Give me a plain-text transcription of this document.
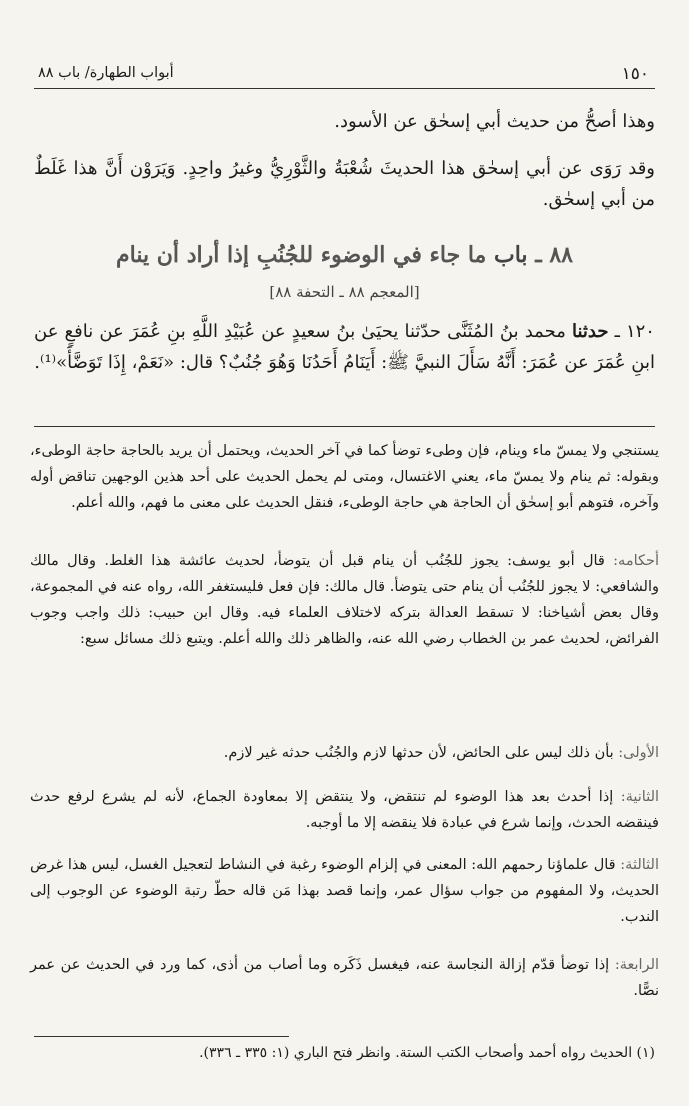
١٥٠
أبواب الطهارة/ باب ٨٨

وهذا أصحُّ من حديث أبي إسحٰق عن الأسود.

وقد رَوَى عن أبي إسحٰق هذا الحديثَ شُعْبَةُ والثَّوْرِيُّ وغيرُ واحِدٍ. وَيَرَوْن أَنَّ هذا غَلَطٌ من أبي إسحٰق.

٨٨ ـ باب ما جاء في الوضوء للجُنُبِ إذا أراد أن ينام

[المعجم ٨٨ ـ التحفة ٨٨]

١٢٠ ـ حدثنا محمد بنُ المُثَنَّى حدّثنا يحيَىٰ بنُ سعيدٍ عن عُبَيْدِ اللَّهِ بنِ عُمَرَ عن نافعٍ عن ابنِ عُمَرَ عن عُمَرَ: أَنَّهُ سَأَلَ النبيَّ ﷺ: أَيَنَامُ أَحَدُنَا وَهُوَ جُنُبٌ؟ قال: «نَعَمْ، إِذَا تَوَضَّأَ»⁽¹⁾.

يستنجي ولا يمسّ ماء وينام، فإن وطىء توضأ كما في آخر الحديث، ويحتمل أن يريد بالحاجة حاجة الوطىء، وبقوله: ثم ينام ولا يمسّ ماء، يعني الاغتسال، ومتى لم يحمل الحديث على أحد هذين الوجهين تناقض أوله وآخره، فتوهم أبو إسحٰق أن الحاجة هي حاجة الوطىء، فنقل الحديث على معنى ما فهم، والله أعلم.

أحكامه: قال أبو يوسف: يجوز للجُنُب أن ينام قبل أن يتوضأ، لحديث عائشة هذا الغلط. وقال مالك والشافعي: لا يجوز للجُنُب أن ينام حتى يتوضأ. قال مالك: فإن فعل فليستغفر الله، رواه عنه في المجموعة، وقال بعض أشياخنا: لا تسقط العدالة بتركه لاختلاف العلماء فيه. وقال ابن حبيب: ذلك واجب وجوب الفرائض، لحديث عمر بن الخطاب رضي الله عنه، والظاهر ذلك والله أعلم. ويتبع ذلك مسائل سبع:

الأولى: بأن ذلك ليس على الحائض، لأن حدثها لازم والجُنُب حدثه غير لازم.

الثانية: إذا أحدث بعد هذا الوضوء لم تنتقض، ولا ينتقض إلا بمعاودة الجماع، لأنه لم يشرع لرفع حدث فينقضه الحدث، وإنما شرع في عبادة فلا ينقضه إلا ما أوجبه.

الثالثة: قال علماؤنا رحمهم الله: المعنى في إلزام الوضوء رغبة في النشاط لتعجيل الغسل، ليس هذا غرض الحديث، ولا المفهوم من جواب سؤال عمر، وإنما قصد بهذا مَن قاله حطّ رتبة الوضوء عن الوجوب إلى الندب.

الرابعة: إذا توضأ قدّم إزالة النجاسة عنه، فيغسل ذَكَره وما أصاب من أذى، كما ورد في الحديث عن عمر نصًّا.

(١) الحديث رواه أحمد وأصحاب الكتب الستة. وانظر فتح الباري (١: ٣٣٥ ـ ٣٣٦).
